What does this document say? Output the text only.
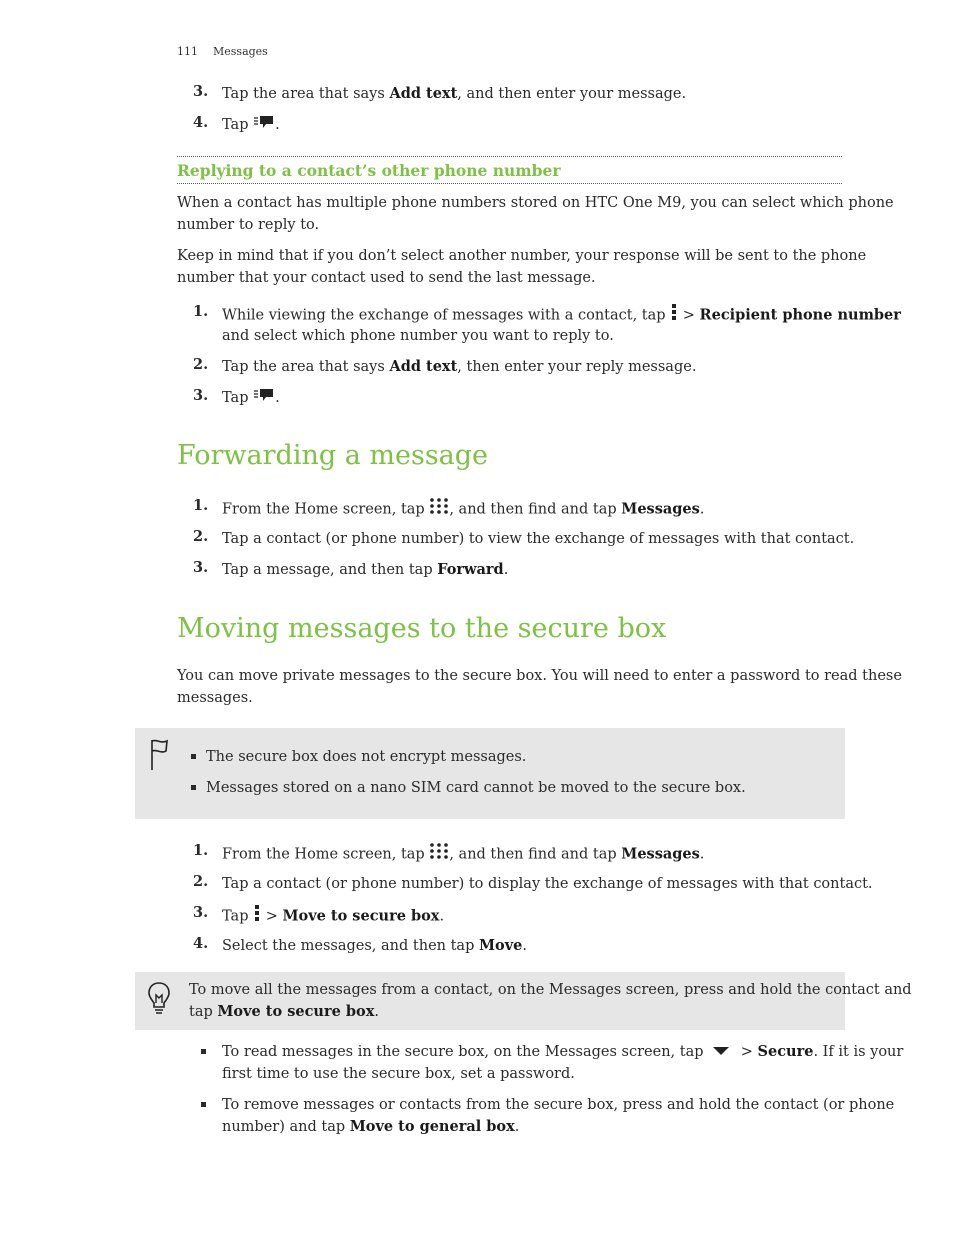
111 Messages
3. Tap the area that says Add text, and then enter your message.
4. Tap .
Replying to a contact’s other phone number
When a contact has multiple phone numbers stored on HTC One M9, you can select which phone
number to reply to.
Keep in mind that if you don’t select another number, your response will be sent to the phone
number that your contact used to send the last message.
1. While viewing the exchange of messages with a contact, tap  > Recipient phone number
and select which phone number you want to reply to.
2. Tap the area that says Add text, then enter your reply message.
3. Tap .
Forwarding a message
1. From the Home screen, tap , and then find and tap Messages.
2. Tap a contact (or phone number) to view the exchange of messages with that contact.
3. Tap a message, and then tap Forward.
Moving messages to the secure box
You can move private messages to the secure box. You will need to enter a password to read these
messages.
The secure box does not encrypt messages.
Messages stored on a nano SIM card cannot be moved to the secure box.
1. From the Home screen, tap , and then find and tap Messages.
2. Tap a contact (or phone number) to display the exchange of messages with that contact.
3. Tap  > Move to secure box.
4. Select the messages, and then tap Move.
To move all the messages from a contact, on the Messages screen, press and hold the contact and
tap Move to secure box.
To read messages in the secure box, on the Messages screen, tap  > Secure. If it is your
first time to use the secure box, set a password.
To remove messages or contacts from the secure box, press and hold the contact (or phone
number) and tap Move to general box.
